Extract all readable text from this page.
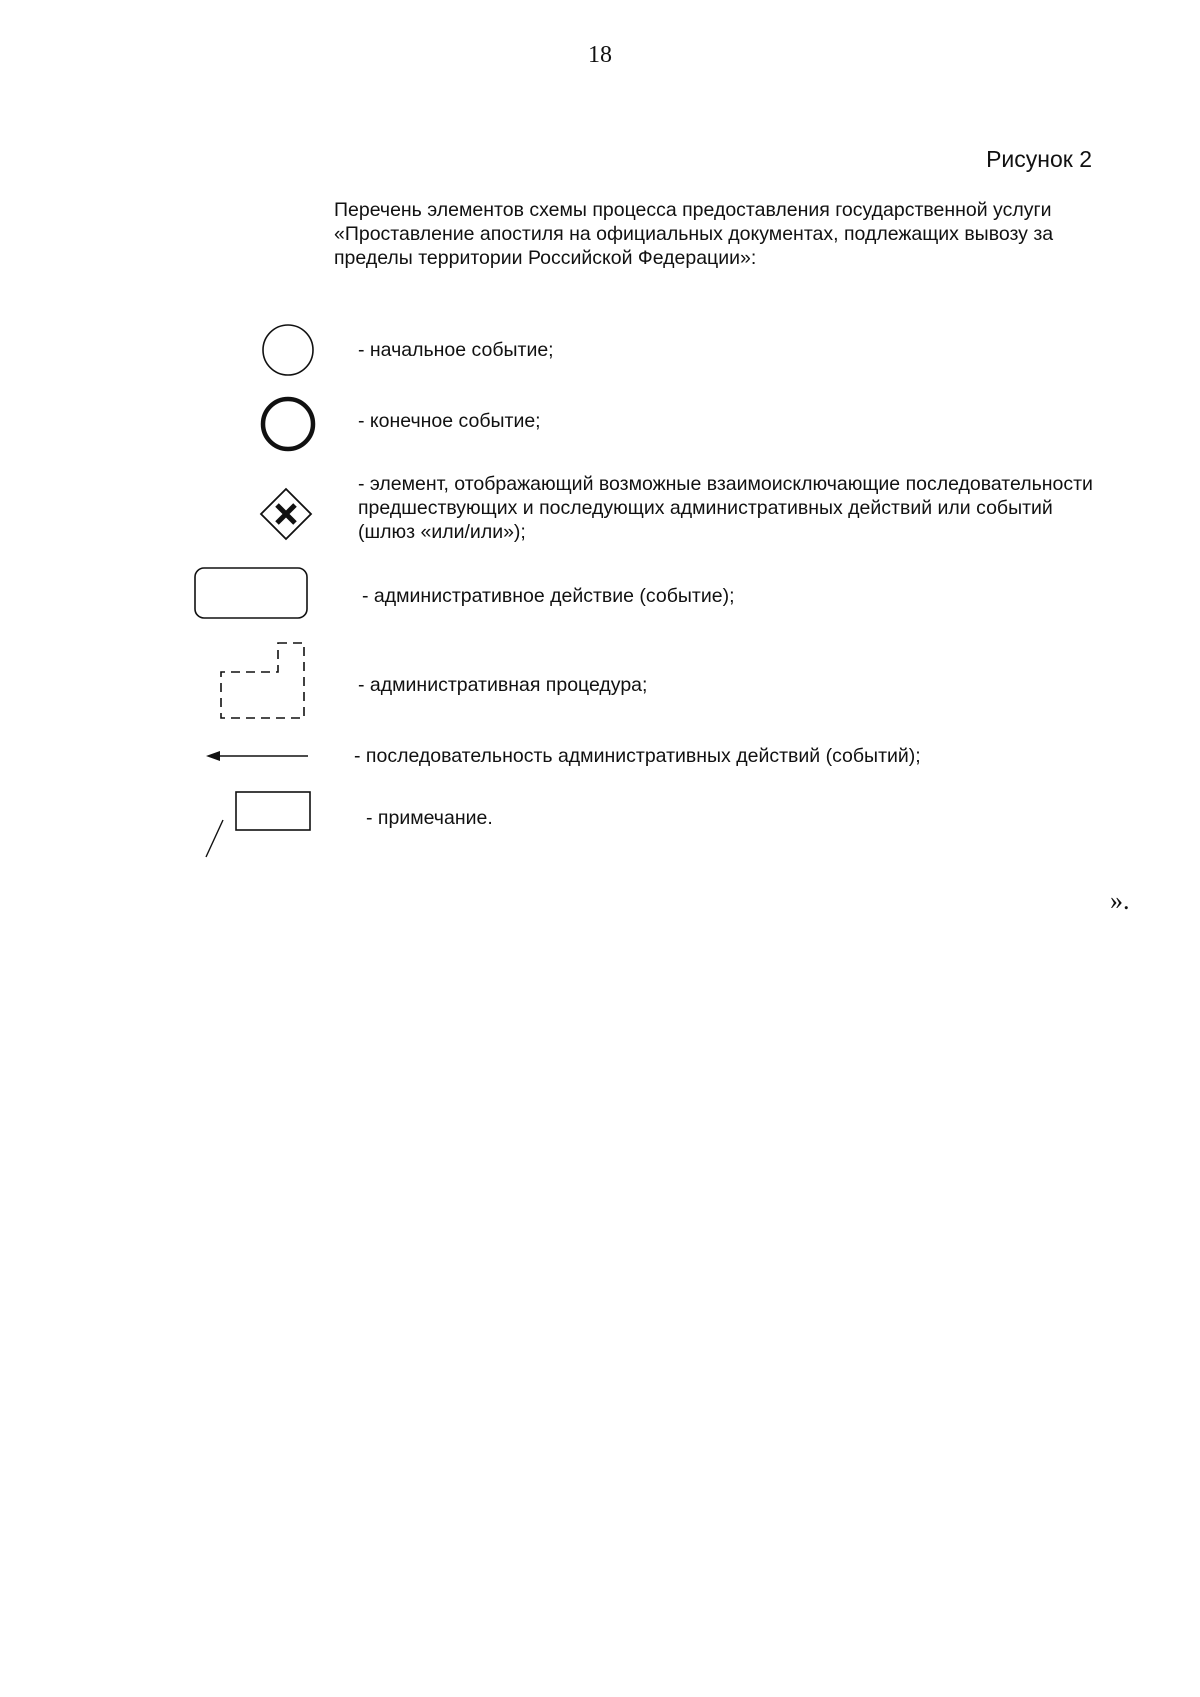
18
Рисунок 2
Перечень элементов схемы процесса предоставления государственной услуги
«Проставление апостиля на официальных документах, подлежащих вывозу за
пределы территории Российской Федерации»:
- начальное событие;
- конечное событие;
- элемент, отображающий возможные взаимоисключающие последовательности
предшествующих и последующих административных действий или событий
(шлюз «или/или»);
- административное действие (событие);
- административная процедура;
- последовательность административных действий (событий);
- примечание.
».
